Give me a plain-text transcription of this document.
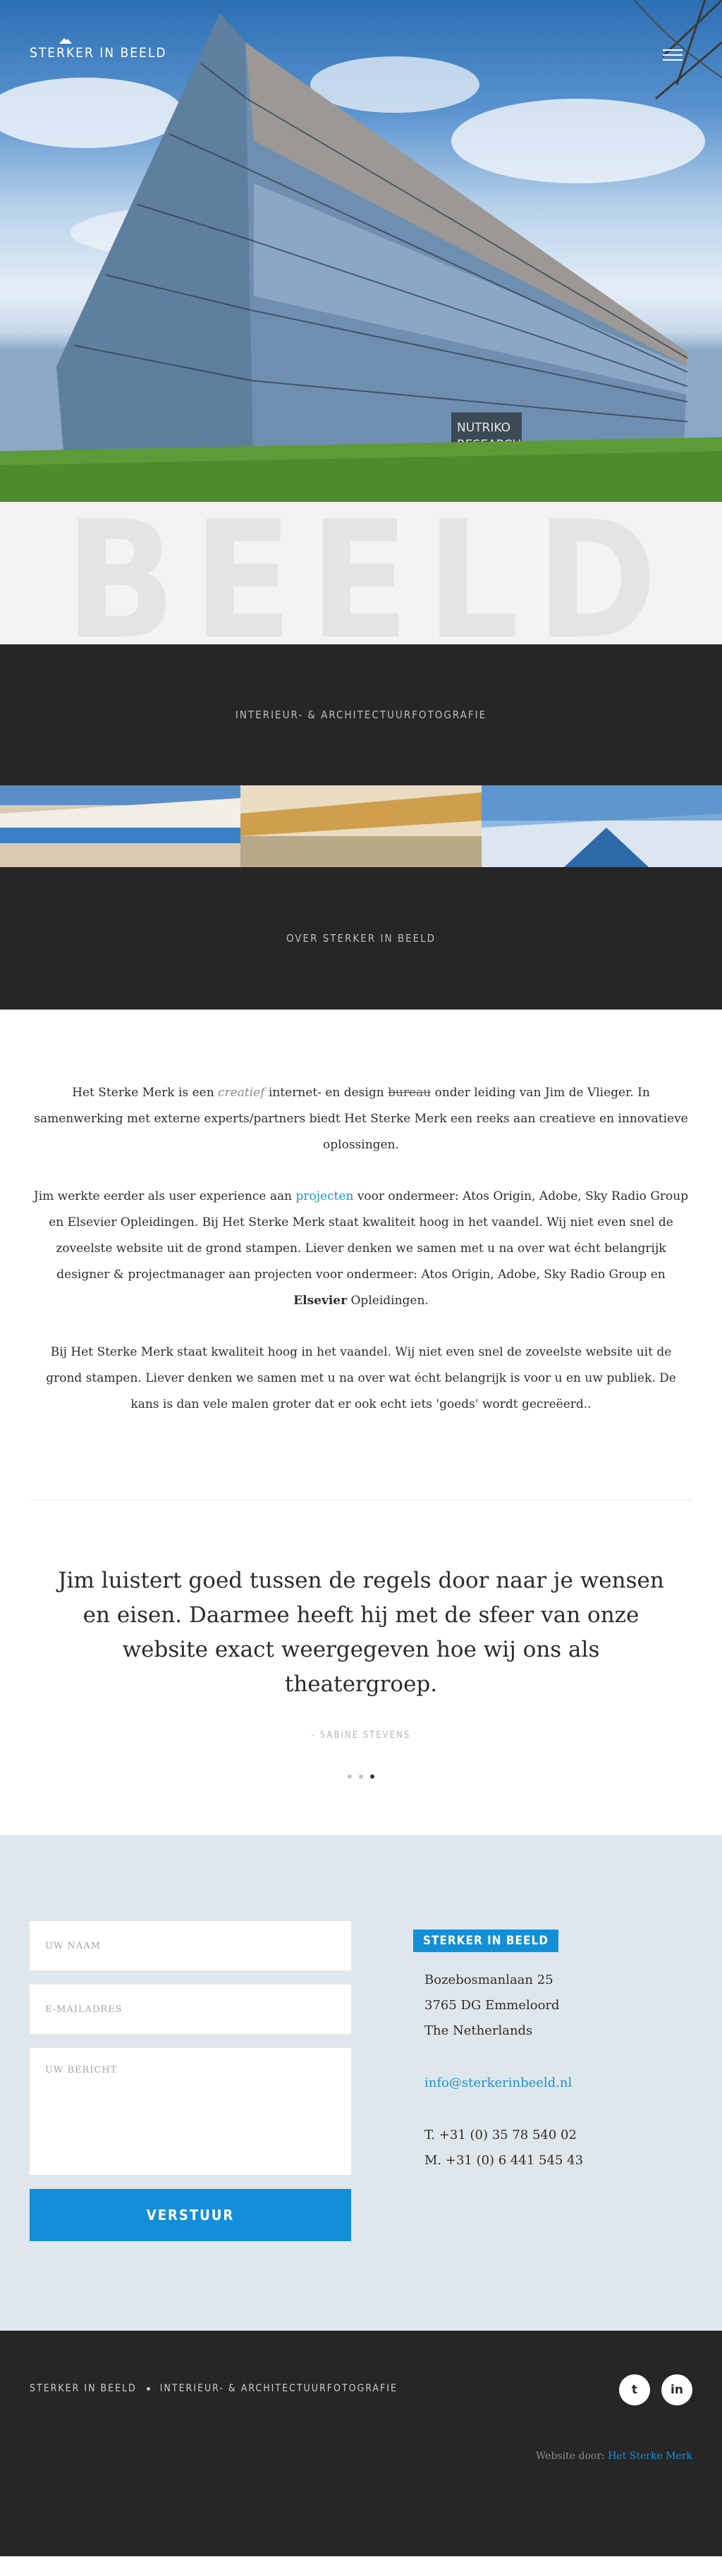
NUTRIKO
STERKER IN BEELD
B E E L D
INTERIEUR- & ARCHITECTUURFOTOGRAFIE
OVER STERKER IN BEELD

Het Sterke Merk is een creatief internet- en design bureau onder leiding van Jim de Vlieger. In samenwerking met externe experts/partners biedt Het Sterke Merk een reeks aan creatieve en innovatieve oplossingen.

Jim werkte eerder als user experience aan projecten voor ondermeer: Atos Origin, Adobe, Sky Radio Group en Elsevier Opleidingen. Bij Het Sterke Merk staat kwaliteit hoog in het vaandel. Wij niet even snel de zoveelste website uit de grond stampen. Liever denken we samen met u na over wat écht belangrijk designer & projectmanager aan projecten voor ondermeer: Atos Origin, Adobe, Sky Radio Group en Elsevier Opleidingen.

Bij Het Sterke Merk staat kwaliteit hoog in het vaandel. Wij niet even snel de zoveelste website uit de grond stampen. Liever denken we samen met u na over wat écht belangrijk is voor u en uw publiek. De kans is dan vele malen groter dat er ook echt iets 'goeds' wordt gecreëerd..

Jim luistert goed tussen de regels door naar je wensen en eisen. Daarmee heeft hij met de sfeer van onze website exact weergegeven hoe wij ons als theatergroep.
- SABINE STEVENS
UW NAAM
E-MAILADRES
UW BERICHT
VERSTUUR
STERKER IN BEELD
Bozebosmanlaan 25
3765 DG Emmeloord
The Netherlands
info@sterkerinbeeld.nl
T. +31 (0) 35 78 540 02
M. +31 (0) 6 441 545 43
STERKER IN BEELD INTERIEUR- & ARCHITECTUURFOTOGRAFIE	t	in
Website door: Het Sterke Merk
